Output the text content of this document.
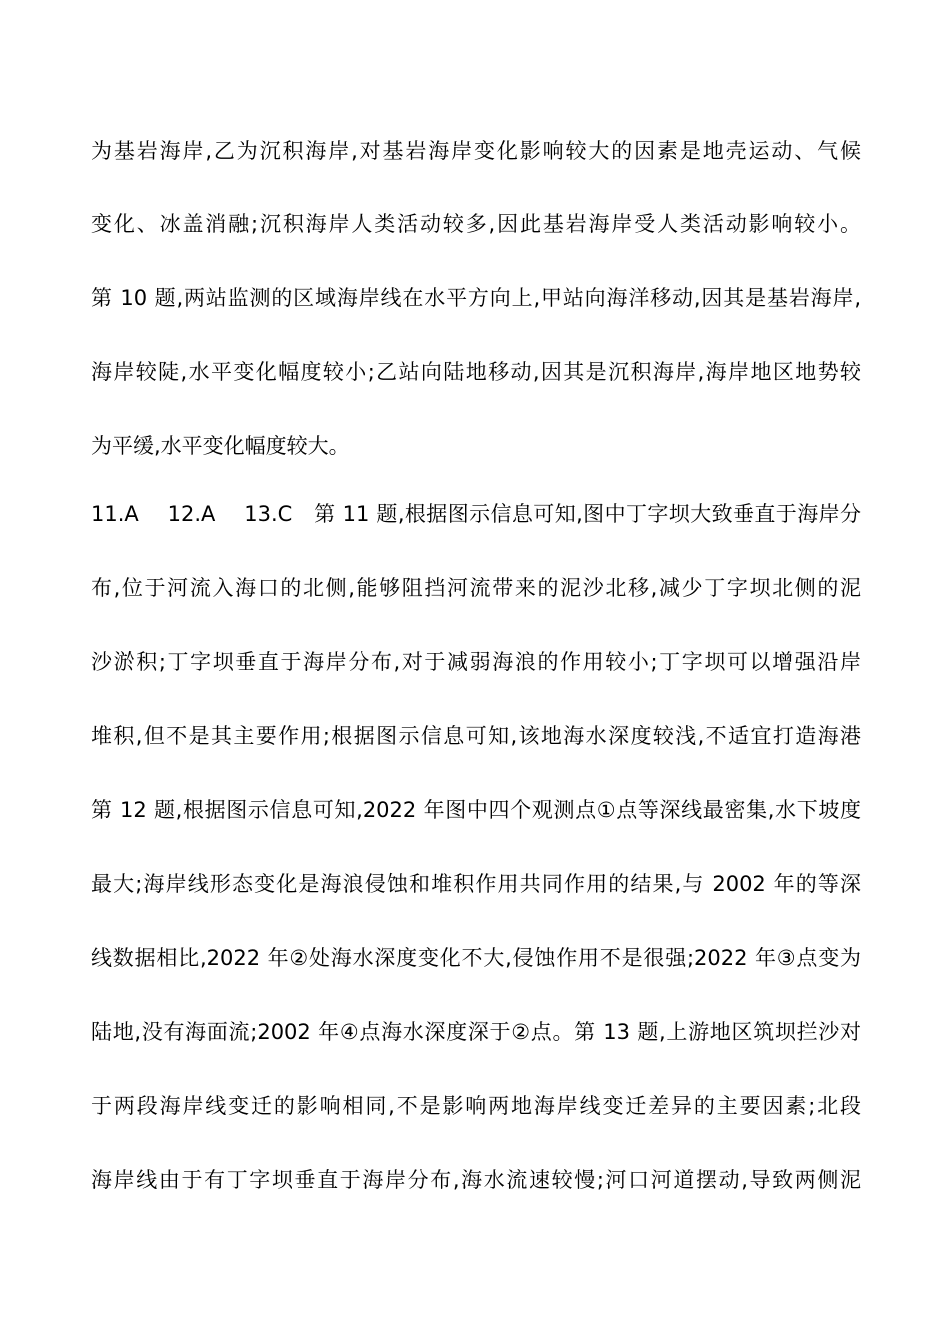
为基岩海岸,乙为沉积海岸,对基岩海岸变化影响较大的因素是地壳运动、气候
变化、冰盖消融;沉积海岸人类活动较多,因此基岩海岸受人类活动影响较小。
第 10 题,两站监测的区域海岸线在水平方向上,甲站向海洋移动,因其是基岩海岸,
海岸较陡,水平变化幅度较小;乙站向陆地移动,因其是沉积海岸,海岸地区地势较
为平缓,水平变化幅度较大。
11.A　 12.A　 13.C　第 11 题,根据图示信息可知,图中丁字坝大致垂直于海岸分
布,位于河流入海口的北侧,能够阻挡河流带来的泥沙北移,减少丁字坝北侧的泥
沙淤积;丁字坝垂直于海岸分布,对于减弱海浪的作用较小;丁字坝可以增强沿岸
堆积,但不是其主要作用;根据图示信息可知,该地海水深度较浅,不适宜打造海港
第 12 题,根据图示信息可知,2022 年图中四个观测点①点等深线最密集,水下坡度
最大;海岸线形态变化是海浪侵蚀和堆积作用共同作用的结果,与 2002 年的等深
线数据相比,2022 年②处海水深度变化不大,侵蚀作用不是很强;2022 年③点变为
陆地,没有海面流;2002 年④点海水深度深于②点。第 13 题,上游地区筑坝拦沙对
于两段海岸线变迁的影响相同,不是影响两地海岸线变迁差异的主要因素;北段
海岸线由于有丁字坝垂直于海岸分布,海水流速较慢;河口河道摆动,导致两侧泥
